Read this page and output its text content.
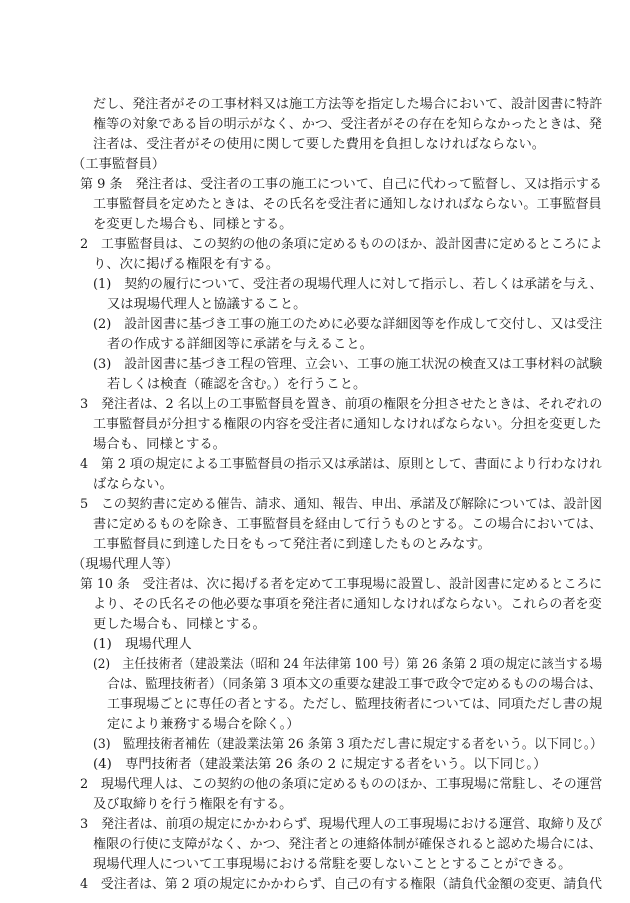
だし、発注者がその工事材料又は施工方法等を指定した場合において、設計図書に特許
権等の対象である旨の明示がなく、かつ、受注者がその存在を知らなかったときは、発
注者は、受注者がその使用に関して要した費用を負担しなければならない。
（工事監督員）
第 9 条　発注者は、受注者の工事の施工について、自己に代わって監督し、又は指示する
工事監督員を定めたときは、その氏名を受注者に通知しなければならない。工事監督員
を変更した場合も、同様とする。
2　工事監督員は、この契約の他の条項に定めるもののほか、設計図書に定めるところによ
り、次に掲げる権限を有する。
(1)　契約の履行について、受注者の現場代理人に対して指示し、若しくは承諾を与え、
又は現場代理人と協議すること。
(2)　設計図書に基づき工事の施工のために必要な詳細図等を作成して交付し、又は受注
者の作成する詳細図等に承諾を与えること。
(3)　設計図書に基づき工程の管理、立会い、工事の施工状況の検査又は工事材料の試験
若しくは検査（確認を含む。）を行うこと。
3　発注者は、2 名以上の工事監督員を置き、前項の権限を分担させたときは、それぞれの
工事監督員が分担する権限の内容を受注者に通知しなければならない。分担を変更した
場合も、同様とする。
4　第 2 項の規定による工事監督員の指示又は承諾は、原則として、書面により行わなけれ
ばならない。
5　この契約書に定める催告、請求、通知、報告、申出、承諾及び解除については、設計図
書に定めるものを除き、工事監督員を経由して行うものとする。この場合においては、
工事監督員に到達した日をもって発注者に到達したものとみなす。
（現場代理人等）
第 10 条　受注者は、次に掲げる者を定めて工事現場に設置し、設計図書に定めるところに
より、その氏名その他必要な事項を発注者に通知しなければならない。これらの者を変
更した場合も、同様とする。
(1)　現場代理人
(2)　主任技術者（建設業法（昭和 24 年法律第 100 号）第 26 条第 2 項の規定に該当する場
合は、監理技術者）（同条第 3 項本文の重要な建設工事で政令で定めるものの場合は、
工事現場ごとに専任の者とする。ただし、監理技術者については、同項ただし書の規
定により兼務する場合を除く。）
(3)　監理技術者補佐（建設業法第 26 条第 3 項ただし書に規定する者をいう。以下同じ。）
(4)　専門技術者（建設業法第 26 条の 2 に規定する者をいう。以下同じ。）
2　現場代理人は、この契約の他の条項に定めるもののほか、工事現場に常駐し、その運営
及び取締りを行う権限を有する。
3　発注者は、前項の規定にかかわらず、現場代理人の工事現場における運営、取締り及び
権限の行使に支障がなく、かつ、発注者との連絡体制が確保されると認めた場合には、
現場代理人について工事現場における常駐を要しないこととすることができる。
4　受注者は、第 2 項の規定にかかわらず、自己の有する権限（請負代金額の変更、請負代
